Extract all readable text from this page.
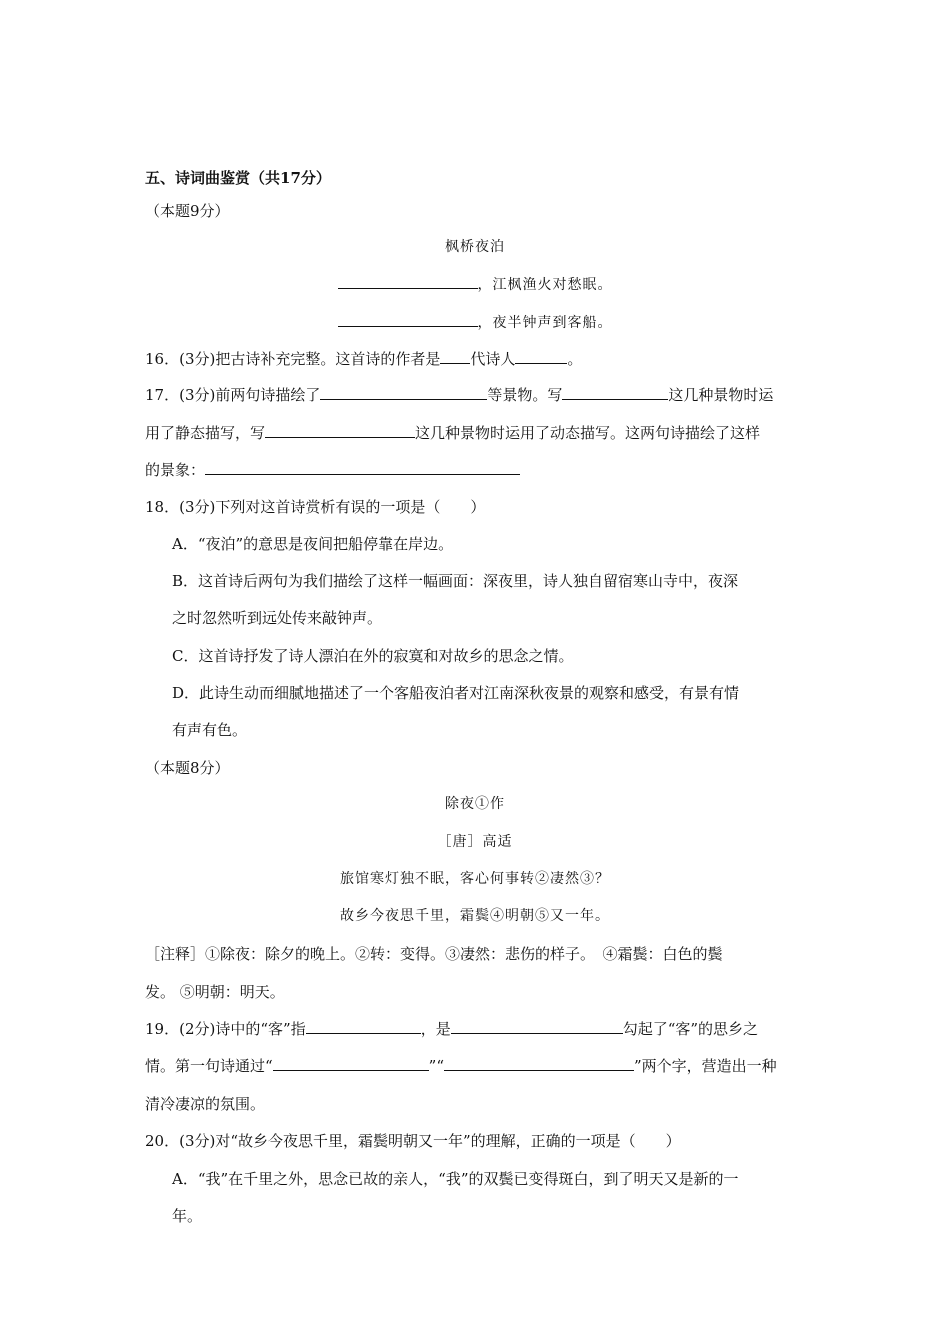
五、诗词曲鉴赏（共17分）
（本题9分）
枫桥夜泊
，江枫渔火对愁眠。
，夜半钟声到客船。
16．(3分)把古诗补充完整。这首诗的作者是 代诗人	。
17．(3分)前两句诗描绘了	等景物。写	这几种景物时运
用了静态描写，写	这几种景物时运用了动态描写。这两句诗描绘了这样
的景象：
18．(3分)下列对这首诗赏析有误的一项是（　　）
A．“夜泊”的意思是夜间把船停靠在岸边。
B．这首诗后两句为我们描绘了这样一幅画面：深夜里，诗人独自留宿寒山寺中，夜深
之时忽然听到远处传来敲钟声。
C．这首诗抒发了诗人漂泊在外的寂寞和对故乡的思念之情。
D．此诗生动而细腻地描述了一个客船夜泊者对江南深秋夜景的观察和感受，有景有情
有声有色。
（本题8分）
除夜①作
［唐］高适
旅馆寒灯独不眠，客心何事转②凄然③？
故乡今夜思千里，霜鬓④明朝⑤又一年。
［注释］①除夜：除夕的晚上。②转：变得。③凄然：悲伤的样子。　④霜鬓：白色的鬓
发。 ⑤明朝：明天。
19．(2分)诗中的“客”指	，是	勾起了“客”的思乡之
情。第一句诗通过“	”“	”两个字，营造出一种
清冷凄凉的氛围。
20．(3分)对“故乡今夜思千里，霜鬓明朝又一年”的理解，正确的一项是（　　）
A．“我”在千里之外，思念已故的亲人，“我”的双鬓已变得斑白，到了明天又是新的一
年。
